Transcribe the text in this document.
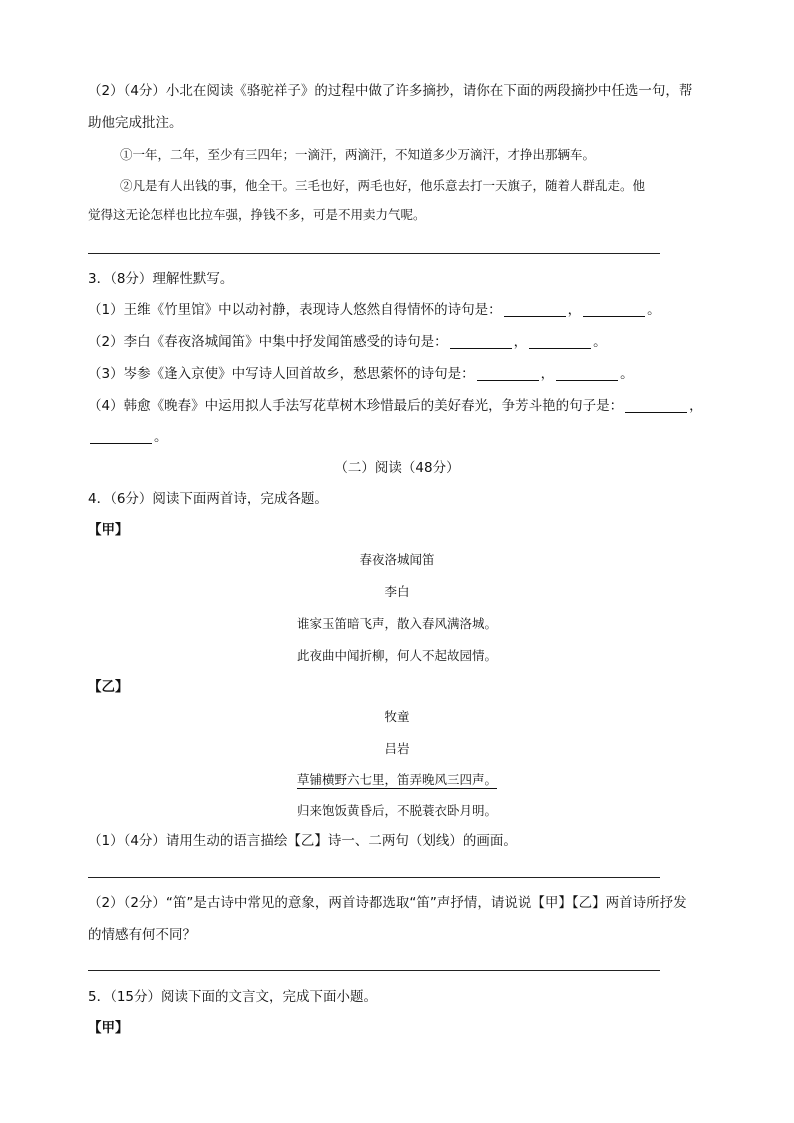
（2）（4分）小北在阅读《骆驼祥子》的过程中做了许多摘抄，请你在下面的两段摘抄中任选一句，帮
助他完成批注。
①一年，二年，至少有三四年；一滴汗，两滴汗，不知道多少万滴汗，才挣出那辆车。
②凡是有人出钱的事，他全干。三毛也好，两毛也好，他乐意去打一天旗子，随着人群乱走。他
觉得这无论怎样也比拉车强，挣钱不多，可是不用卖力气呢。
3．（8分）理解性默写。
（1）王维《竹里馆》中以动衬静，表现诗人悠然自得情怀的诗句是：	，	。
（2）李白《春夜洛城闻笛》中集中抒发闻笛感受的诗句是：	，	。
（3）岑参《逢入京使》中写诗人回首故乡，愁思萦怀的诗句是：	，	。
（4）韩愈《晚春》中运用拟人手法写花草树木珍惜最后的美好春光，争芳斗艳的句子是：	，
。
（二）阅读（48分）
4．（6分）阅读下面两首诗，完成各题。
【甲】
春夜洛城闻笛
李白
谁家玉笛暗飞声，散入春风满洛城。
此夜曲中闻折柳，何人不起故园情。
【乙】
牧童
吕岩
草铺横野六七里，笛弄晚风三四声。
归来饱饭黄昏后，不脱蓑衣卧月明。
（1）（4分）请用生动的语言描绘【乙】诗一、二两句（划线）的画面。
（2）（2分）“笛”是古诗中常见的意象，两首诗都选取“笛”声抒情，请说说【甲】【乙】两首诗所抒发
的情感有何不同？
5．（15分）阅读下面的文言文，完成下面小题。
【甲】
